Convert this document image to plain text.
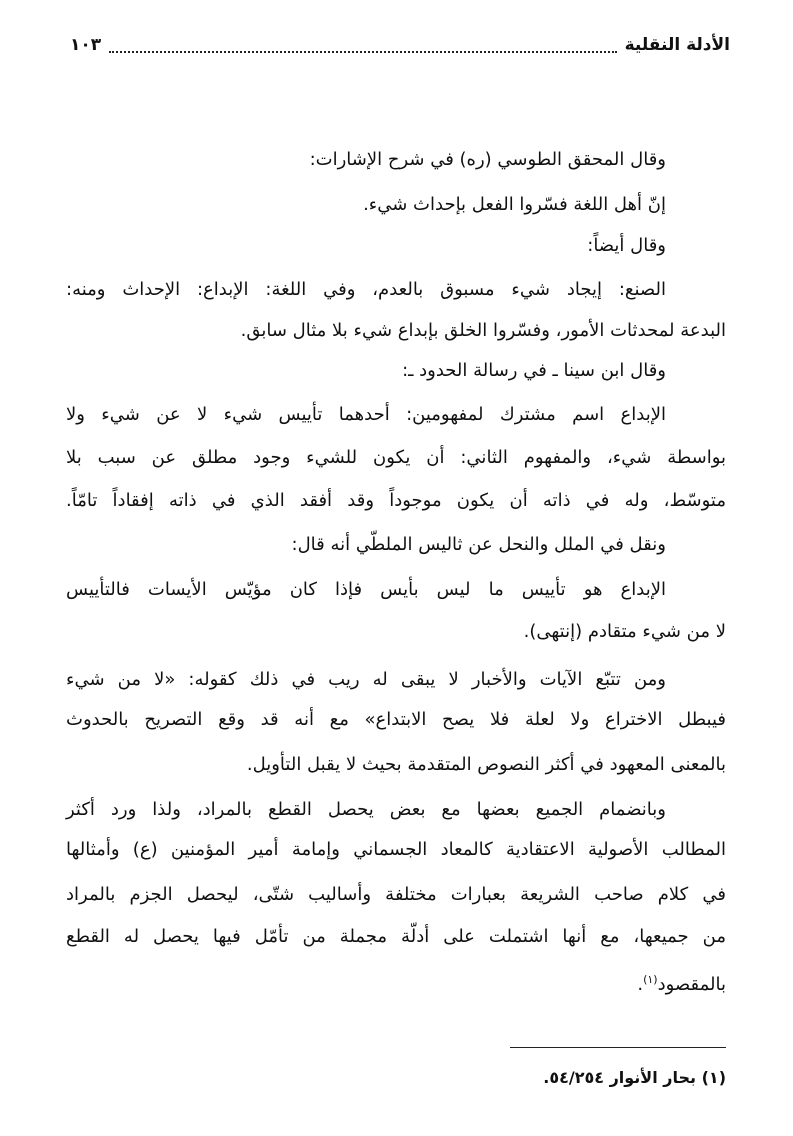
الأدلة النقلية
١٠٣
وقال المحقق الطوسي (ره) في شرح الإشارات:
إنّ أهل اللغة فسّروا الفعل بإحداث شيء.
وقال أيضاً:
الصنع: إيجاد شيء مسبوق بالعدم، وفي اللغة: الإبداع: الإحداث ومنه:
البدعة لمحدثات الأمور، وفسّروا الخلق بإبداع شيء بلا مثال سابق.
وقال ابن سينا ـ في رسالة الحدود ـ:
الإبداع اسم مشترك لمفهومين: أحدهما تأييس شيء لا عن شيء ولا
بواسطة شيء، والمفهوم الثاني: أن يكون للشيء وجود مطلق عن سبب بلا
متوسّط، وله في ذاته أن يكون موجوداً وقد أفقد الذي في ذاته إفقاداً تامّاً.
ونقل في الملل والنحل عن ثاليس الملطّي أنه قال:
الإبداع هو تأييس ما ليس بأيس فإذا كان مؤيّس الأيسات فالتأييس
لا من شيء متقادم (إنتهى).
ومن تتبّع الآيات والأخبار لا يبقى له ريب في ذلك كقوله: «لا من شيء
فيبطل الاختراع ولا لعلة فلا يصح الابتداع» مع أنه قد وقع التصريح بالحدوث
بالمعنى المعهود في أكثر النصوص المتقدمة بحيث لا يقبل التأويل.
وبانضمام الجميع بعضها مع بعض يحصل القطع بالمراد، ولذا ورد أكثر
المطالب الأصولية الاعتقادية كالمعاد الجسماني وإمامة أمير المؤمنين (ع) وأمثالها
في كلام صاحب الشريعة بعبارات مختلفة وأساليب شتّى، ليحصل الجزم بالمراد
من جميعها، مع أنها اشتملت على أدلّة مجملة من تأمّل فيها يحصل له القطع
بالمقصود$^{(١)}$.
(١) بحار الأنوار ٥٤/٢٥٤.
